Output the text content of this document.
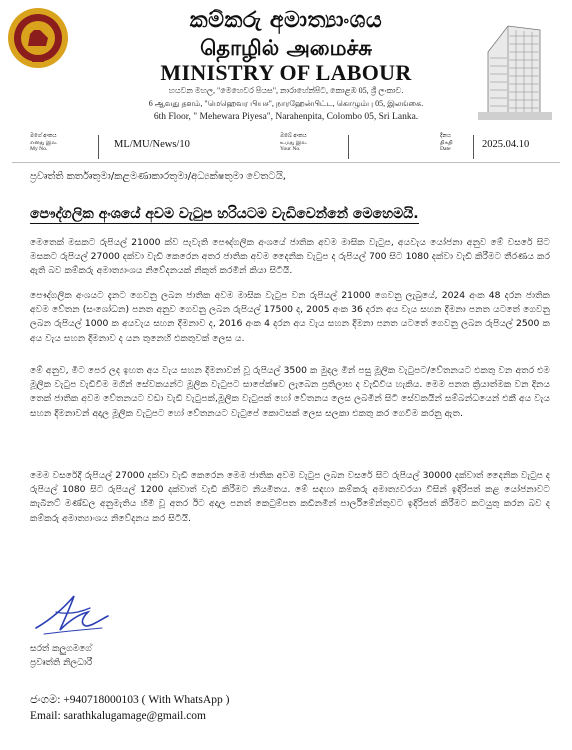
කම්කරු අමාත්‍යාංශය
தொழில் அமைச்சு
MINISTRY OF LABOUR
හයවන මහල, "මෙහෙවර පියස", නාරාහේන්පිට, කොළඹ 05, ශ්‍රී ලංකාව.
6 ஆவது தளம், "மெஹெவர பியச", நாரஹேன்பிட்ட, கொழும்பு 05, இலங்கை.
6th Floor, " Mehewara Piyesa", Narahenpita, Colombo 05, Sri Lanka.
මගේ අංකය
எனது இல.
My No.	ML/MU/News/10
ඔබේ අංකය
உமது இல.
Your No.
දිනය
திகதி
Date	2025.04.10
ප්‍රවෘත්ති කර්තෘතුමා/කළමණාකාරතුමා/අධ්‍යක්ෂතුමා වෙතටයි,
පෞද්ගලික අංශයේ අවම වැටුප හරියටම වැඩිවෙන්නේ මෙහෙමයි.
මෙතෙක් මසකට රුපියල් 21000 ක්ව පැවැති පෞද්ගලික අංශයේ ජාතික අවම මාසික වැටුප, අයවැය යෝජනා අනුව මේ වසරේ සිට මසකට රුපියල් 27000 දක්වා වැඩි කෙරෙන අතර ජාතික අවම දෛනික වැටුප ද රුපියල් 700 සිට 1080 දක්වා වැඩි කිරීමට තීරණය කර ඇති බව කම්කරු අමාත්‍යාංශය නිවේදනයක් නිකුත් කරමින් කියා සිටියි.
පෞද්ගලික අංශයට දැනට ගෙවනු ලබන ජාතික අවම මාසික වැටුප වන රුපියල් 21000 ගෙවනු ලැබුයේ, 2024 අංක 48 දරන ජාතික අවම වේතන (සංශෝධන) පනත අනුව ගෙවනු ලබන රුපියල් 17500 ද, 2005 අංක 36 දරන අය වැය සහන දීමනා පනත යටතේ ගෙවනු ලබන රුපියල් 1000 ක අයවැය සහන දීමනාව ද, 2016 අංක 4 දරන අය වැය සහන දීමනා පනත යටතේ ගෙවනු ලබන රුපියල් 2500 ක අය වැය සහන දීමනාව ද යන තුනෙහි එකතුවක් ලෙස ය.
මේ අනුව, මීට පෙර ලද ඉහත අය වැය සහන දීමනාවන් වූ රුපියල් 3500 ක මුදල මින් පසු මූලික වැටුපට/වේතනයට එකතු වන අතර එම මූලික වැටුප වැඩිවීම මගින් සේවකයන්ට මූලික වැටුපට සාපේක්ෂව ලැබෙන ප්‍රතිලාභ ද වැඩිවිය හැකිය. මෙම පනත ක්‍රියාත්මක වන දිනය තෙක් ජාතික අවම වේතනයට වඩා වැඩි වැටුපක්,මූලික වැටුපක් හෝ වේතනය ලෙස ලබමින් සිටි සේවකයින් සම්බන්ධයෙන් එකී අය වැය සහන දීමනාවන් අදාල මූලික වැටුපට හෝ වේතනයට වැටුපේ කොටසක් ලෙස සලකා එකතු කර ගෙවීම කරනු ඇත.
මෙම වසරේදී රුපියල් 27000 දක්වා වැඩි කෙරෙන මෙම ජාතික අවම වැටුප ලබන වසරේ සිට රුපියල් 30000 දක්වාත් දෛනික වැටුප ද රුපියල් 1080 සිට රුපියල් 1200 දක්වාත් වැඩි කිරීමට නියමිතය. මේ සඳහා කම්කරු අමාත්‍යවරයා විසින් ඉදිරිපත් කළ යෝජනාවට කැබිනට් මණ්ඩල අනුමැතිය හිමි වූ අතර ඊට අදාල පනත් කෙටුම්පත කඩිනමින් පාර්ලිමේන්තුවට ඉදිරිපත් කිරීමට කටයුතු කරන බව ද කම්කරු අමාත්‍යාංශය නිවේදනය කර සිටියි.
සරත් කලුගමගේ
ප්‍රවෘත්ති නිලධාරී
ජංගම: +940718000103 ( With WhatsApp )
Email: sarathkalugamage@gmail.com
